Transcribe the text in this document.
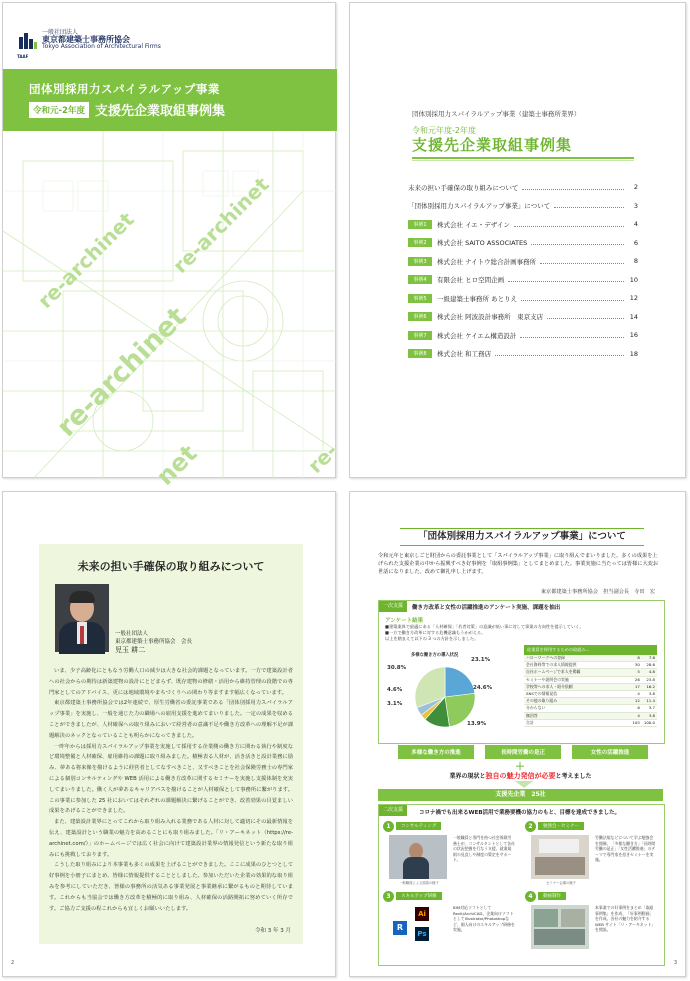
一般社団法人
東京都建築士事務所協会
Tokyo Association of Architectural Firms
TAAF
団体別採用力スパイラルアップ事業
令和元-2年度 支援先企業取組事例集
re-archinet
re-archinet
re-archinet
net	re-
団体別採用力スパイラルアップ事業（建築士事務所業界）
令和元年度-2年度
支援先企業取組事例集
未来の担い手確保の取り組みについて	2
「団体別採用力スパイラルアップ事業」について	3
事例1	株式会社 イエ・デザイン	4
事例2	株式会社 SAITO ASSOCIATES	6
事例3	株式会社 ナイトウ総合計画事務所	8
事例4	有限会社 ヒロ空間企画	10
事例5	一級建築士事務所 あとりえ	12
事例6	株式会社 阿波設計事務所　東京支店	14
事例7	株式会社 ケイエム構造設計	16
事例8	株式会社 和工務店	18
未来の担い手確保の取り組みについて
一般社団法人
東京都建築士事務所協会　会長
児玉 耕二

いま、少子高齢化にともなう労働人口の減少は大きな社会的課題となっています。一方で建築設計者への社会からの期待は新築建物の設計にとどまらず、既存建物の修繕・活用から維持管理の段階での専門家としてのアドバイス、更には地域環境やまちづくりへの関わり等ますます幅広くなっています。

東京都建築士事務所協会では2年連続で、厚生労働省の委託事業である「団体別採用力スパイラルアップ事業」を実施し、一般を通じた力の職場への雇用支援を進めてまいりました。一定の成果を収めることができましたが、人材確保への取り組みにおいて経営者の意識不足や働き方改革への理解不足が課題解決のネックとなっていることも明らかになってきました。

一昨年からは採用力スパイラルアップ事業を実施して採用する企業側の働き方に関わる執行や制度など環境整備と人材確保、雇用維持の課題に取り組みました。積極表る人材が、活き活きと設計業務に励み、夢ある将来像を描けるように経営者としてなすべきこと、又すべきことを社会保険労務士の専門家による個別コンサルティングや WEB 活用による働き方改革に関するセミナーを実施し支援体制を充実してまいりました。働く人が夢あるキャリアパスを描けることが人材確保として事務所に繋がります。この事業に参加した 25 社においてはそれぞれの課題解決に繋げることができ、改善効果の目覚ましい成果をあげることができました。

また、建築設計業界にとってこれから取り組み入れる業務である人材に対して適切にその最新情報を伝え、建築設計という職業の魅力を高めることにも取り組みました。「リ・アーキネット（https://re-archinet.com/）」のホームページでは広く社会に向けて建築設計業界の情報発信という新たな取り組みにも挑戦しております。

こうした取り組みにより本事業も多くの成果を上げることができました。ここに成果のひとつとして好事例を小冊子にまとめ、皆様に情報提供することとしました。参加いただいた企業の効果的な取り組みを参考にしていただき、皆様の事務所の活気ある事業発展と事業継承に繋がるものと期待しています。これからも当協会では働き方改革を積極的に取り組み、人材確保の活路開拓に努めていく所存です。ご協力ご支援の程これからも宜しくお願いいたします。

令和 3 年 3 月
2
「団体別採用力スパイラルアップ事業」について
令和元年と東京しごと財団からの委託事業として「スパイラルアップ事業」に取り組んでまいりました。多くの成果を上げられた支援企業の中から振興すべき好事例を「取組事例集」としてまとめました。事業実施に当たっては皆様に大変お世話になりました。改めて御礼申し上げます。
東京都建築士事務所協会　担当副会長　寺田　宏
一次支援	働き方改革と女性の活躍推進のアンケート実施、課題を抽出
アンケート結果
■建築業界で最適にある「人材確保」「若者対策」の意識が低い事に対して事業の方向性を提示していく。
■一方で働き方改革に対する危機意識もうかがえる。
以上を踏まえて以下の 3 つの方針を示しました。
多様な働き方の導入状況
23.1%
24.6%
13.9%
3.1%
4.6%
30.8%
従業員を採用するための取組み...
ハローワークへの登録	8	7.6
会社資料等での求人情報提供	30	28.6
自社ホームページで求人を掲載	5	4.8
セミナーや説明会の実施	26	23.8
学校等への求人・紹介依頼	17	16.2
SNSでの情報発信	4	3.8
その他の取り組み	12	11.4
分からない	6	5.7
無回答	4	3.8
合計	105	100.0
多様な働き方の推進	長時間労働の是正	女性の活躍推進
＋
業界の現状と独自の魅力発信が必要と考えました
支援先企業　25社
二次支援	コロナ禍でも出来るWEB活用で業務要機の協力のもと、目標を達成できました。
1	コンサルティング
一般職員と専門を持つ社会保険労務士が、コンサルタントとして各社の状況把握を行なう支援、就業規則の見直しや制度の策定をサポート。
一般職員による面談の様子
2	勉強会・セミナー
労働法規などについて学ぶ勉強会を開催。「多様な働き方」「長時間労働の是正」「女性活躍推進」のテーマで専門家を招きセミナーを実施。
セミナー会場の様子
3	スキルアップ研修
Ai
R
Ps
BIM対応ソフトとしてRevit/ArchiCAD、企業向けソフトとしてIllustrator/Photoshopなど、個人向けのスキルアップ研修を実施。
4	動画制作
本事業での好事例をまとめ「取組事例集」を作成、「好事例動画」を作成。各社の魅力を紹介するWEB サイト「リ・アーキネット」を開設。
3
